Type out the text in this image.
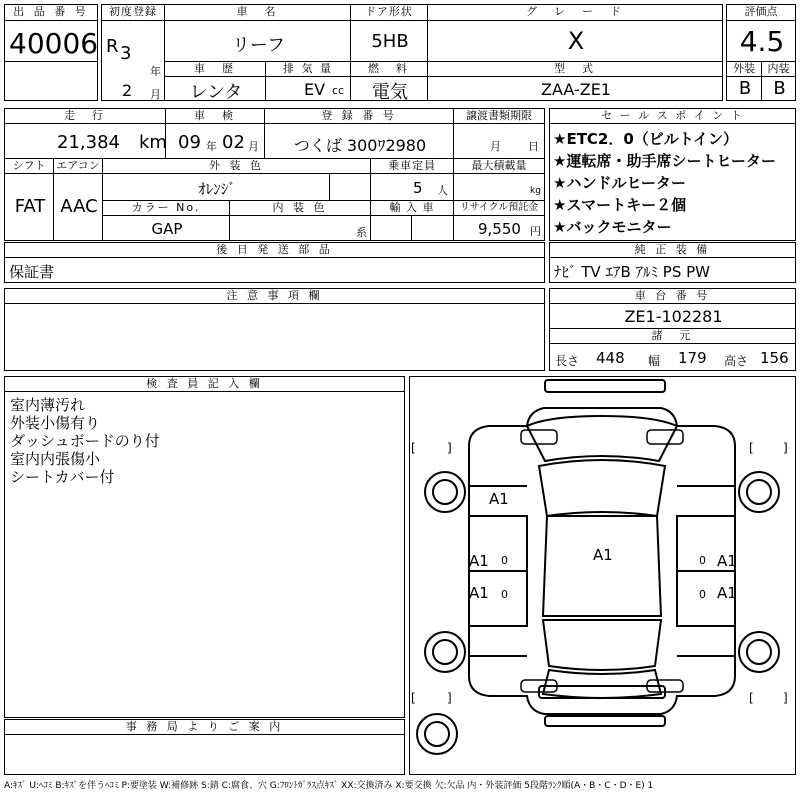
出 品 番 号
40006
初度登録
R 3
年
2 月
車　名
リーフ
ドア形状
5HB
グ　レ　ー　ド
X
評価点
4.5
車　歴
レンタ
排 気 量
EV cc
燃　料
電気
型　式
ZAA-ZE1
外装	内装
B	B
走　行
21,384 km
車　検
09 年 02 月
登 録 番 号
つくば 300ﾜ2980
譲渡書類期限
月 日
シフト
FAT
エアコン
AAC
外 装 色
ｵﾚﾝｼﾞ
乗車定員
5 人
最大積載量
kg
カラー No.
GAP
内 装 色
系
輸 入 車	リサイクル預託金
9,550 円
セ ー ル ス ポ イ ン ト
★ETC2．0（ビルトイン）
★運転席・助手席シートヒーター
★ハンドルヒーター
★スマートキー２個
★バックモニター
後 日 発 送 部 品
保証書
純 正 装 備
ﾅﾋﾞ TV ｴｱB ｱﾙﾐ PS PW
注 意 事 項 欄	車 台 番 号
ZE1-102281
諸　元
長さ 448 幅 179 高さ 156
検 査 員 記 入 欄
室内薄汚れ
外装小傷有り
ダッシュボードのり付
室内内張傷小
シートカバー付
事 務 局 よ り ご 案 内
[	]	[ ]
[	]	[ ]
A1
A1
A1
A1	A1
A1
0
0
0
0
A:ｷｽﾞ U:ﾍｺﾐ B:ｷｽﾞを伴うﾍｺﾐ P:要塗装 W:補修跡 S:錆 C:腐食、穴 G:ﾌﾛﾝﾄｶﾞﾗｽ点ｷｽﾞ XX:交換済み X:要交換 欠:欠品 内・外装評価 5段階ﾗﾝｸ順(A・B・C・D・E) 1
